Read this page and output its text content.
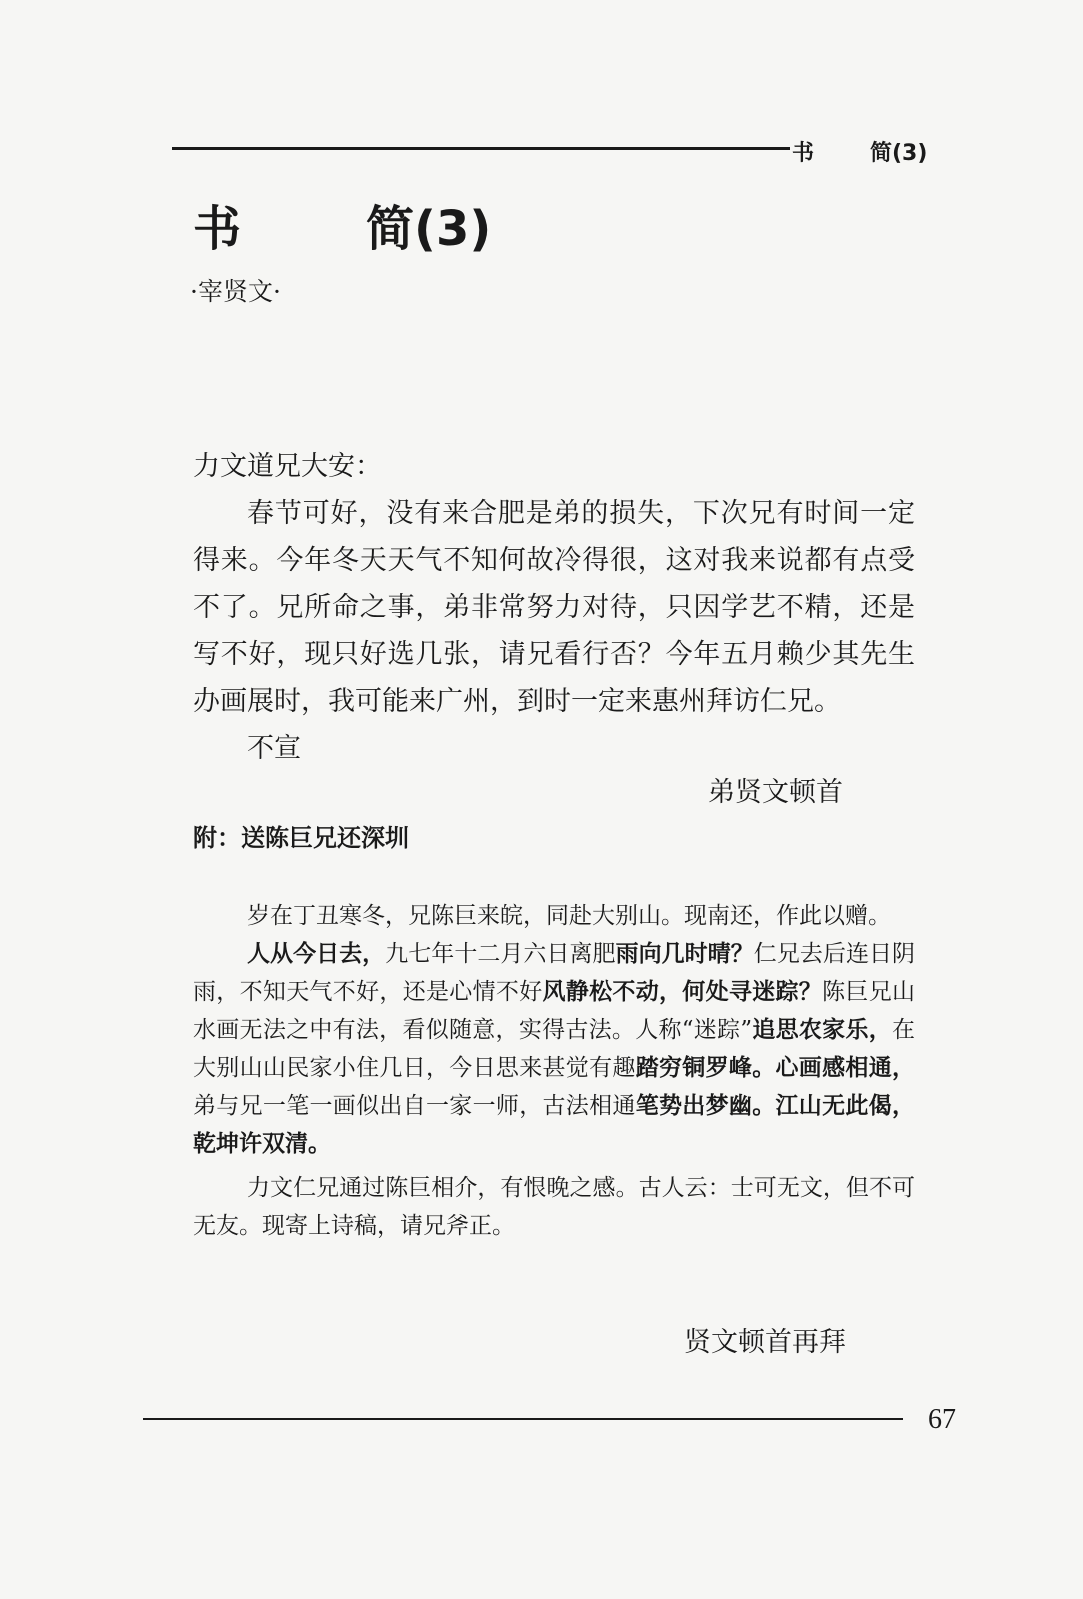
书	简(3)
书	简(3)
·宰贤文·

力文道兄大安：

春节可好，没有来合肥是弟的损失，下次兄有时间一定得来。今年冬天天气不知何故冷得很，这对我来说都有点受不了。兄所命之事，弟非常努力对待，只因学艺不精，还是写不好，现只好选几张，请兄看行否？今年五月赖少其先生办画展时，我可能来广州，到时一定来惠州拜访仁兄。

不宣

弟贤文顿首
附：送陈巨兄还深圳

岁在丁丑寒冬，兄陈巨来皖，同赴大别山。现南还，作此以赠。

人从今日去，九七年十二月六日离肥雨向几时晴？仁兄去后连日阴雨，不知天气不好，还是心情不好风静松不动，何处寻迷踪？陈巨兄山水画无法之中有法，看似随意，实得古法。人称“迷踪”追思农家乐，在大别山山民家小住几日，今日思来甚觉有趣踏穷铜罗峰。心画感相通，弟与兄一笔一画似出自一家一师，古法相通笔势出梦幽。江山无此偈，乾坤许双清。

力文仁兄通过陈巨相介，有恨晚之感。古人云：士可无文，但不可无友。现寄上诗稿，请兄斧正。

贤文顿首再拜
67
